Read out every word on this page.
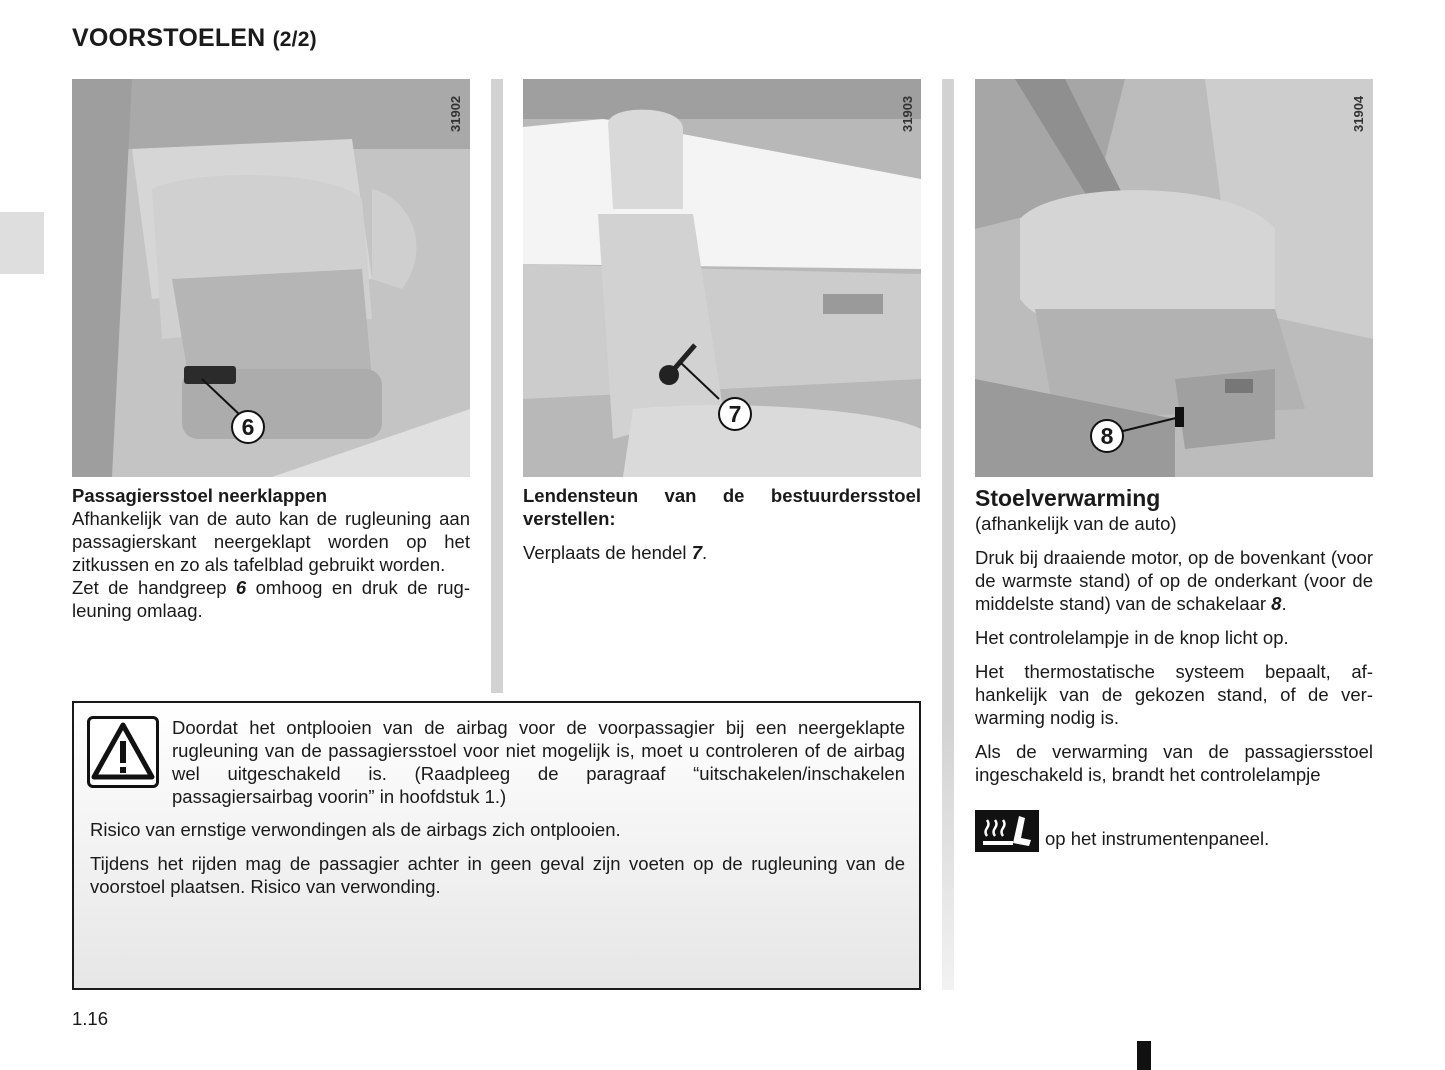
VOORSTOELEN (2/2)
31902
6
31903
7
31904
8

Passagiersstoel neerklappen

Afhankelijk van de auto kan de rugleuning aan passagierskant neergeklapt worden op het zitkussen en zo als tafelblad gebruikt worden.

Zet de handgreep 6 omhoog en druk de rugleuning omlaag.

Lendensteun van de bestuurdersstoel verstellen:

Verplaats de hendel 7.

Stoelverwarming

(afhankelijk van de auto)

Druk bij draaiende motor, op de bovenkant (voor de warmste stand) of op de onderkant (voor de middelste stand) van de schakelaar 8.

Het controlelampje in de knop licht op.

Het thermostatische systeem bepaalt, afhankelijk van de gekozen stand, of de verwarming nodig is.

Als de verwarming van de passagiersstoel ingeschakeld is, brandt het controlelampje

op het instrumentenpaneel.
Doordat het ontplooien van de airbag voor de voorpassagier bij een neergeklapte rugleuning van de passagiersstoel voor niet mogelijk is, moet u controleren of de airbag wel uitgeschakeld is. (Raadpleeg de paragraaf “uitschakelen/inschakelen passagiersairbag voorin” in hoofdstuk 1.)
Risico van ernstige verwondingen als de airbags zich ontplooien.
Tijdens het rijden mag de passagier achter in geen geval zijn voeten op de rugleuning van de voorstoel plaatsen. Risico van verwonding.
1.16
